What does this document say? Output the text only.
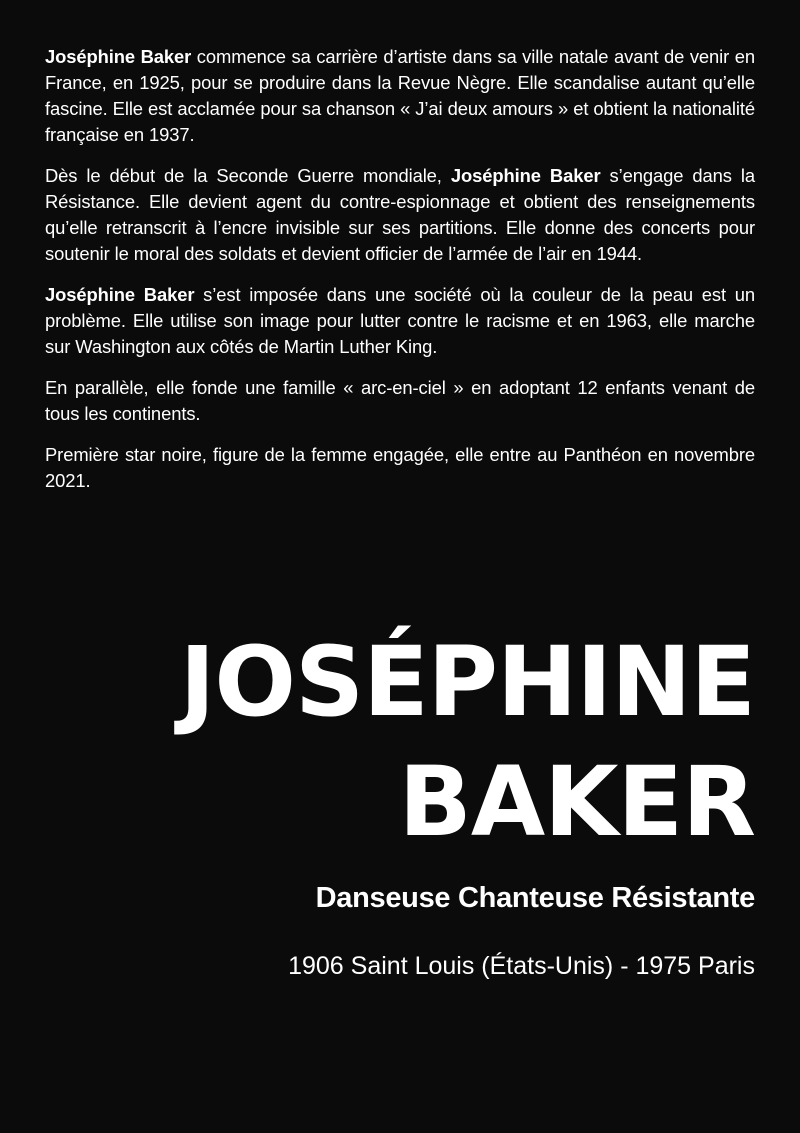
Joséphine Baker commence sa carrière d’artiste dans sa ville natale avant de venir en France, en 1925, pour se produire dans la Revue Nègre. Elle scandalise autant qu’elle fascine. Elle est acclamée pour sa chanson « J’ai deux amours » et obtient la nationalité française en 1937.

Dès le début de la Seconde Guerre mondiale, Joséphine Baker s’engage dans la Résistance. Elle devient agent du contre-espionnage et obtient des renseignements qu’elle retranscrit à l’encre invisible sur ses partitions. Elle donne des concerts pour soutenir le moral des soldats et devient officier de l’armée de l’air en 1944.

Joséphine Baker s’est imposée dans une société où la couleur de la peau est un problème. Elle utilise son image pour lutter contre le racisme et en 1963, elle marche sur Washington aux côtés de Martin Luther King.

En parallèle, elle fonde une famille « arc-en-ciel » en adoptant 12 enfants venant de tous les continents.

Première star noire, figure de la femme engagée, elle entre au Panthéon en novembre 2021.

JOSÉPHINE
BAKER
Danseuse Chanteuse Résistante
1906 Saint Louis (États-Unis) - 1975 Paris
